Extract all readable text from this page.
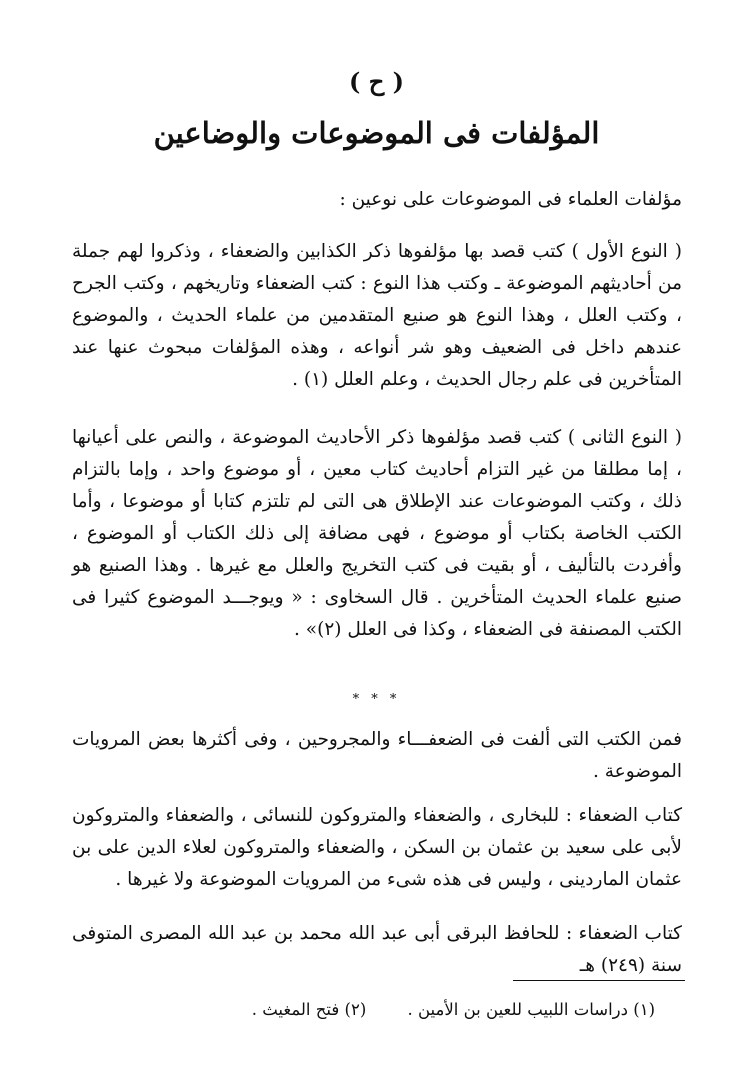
( ح )
المؤلفات فى الموضوعات والوضاعين
مؤلفات العلماء فى الموضوعات على نوعين :
( النوع الأول ) كتب قصد بها مؤلفوها ذكر الكذابين والضعفاء ، وذكروا لهم جملة من أحاديثهم الموضوعة ـ وكتب هذا النوع : كتب الضعفاء وتاريخهم ، وكتب الجرح ، وكتب العلل ، وهذا النوع هو صنيع المتقدمين من علماء الحديث ، والموضوع عندهم داخل فى الضعيف وهو شر أنواعه ، وهذه المؤلفات مبحوث عنها عند المتأخرين فى علم رجال الحديث ، وعلم العلل (١) .
( النوع الثانى ) كتب قصد مؤلفوها ذكر الأحاديث الموضوعة ، والنص على أعيانها ، إما مطلقا من غير التزام أحاديث كتاب معين ، أو موضوع واحد ، وإما بالتزام ذلك ، وكتب الموضوعات عند الإطلاق هى التى لم تلتزم كتابا أو موضوعا ، وأما الكتب الخاصة بكتاب أو موضوع ، فهى مضافة إلى ذلك الكتاب أو الموضوع ، وأفردت بالتأليف ، أو بقيت فى كتب التخريج والعلل مع غيرها . وهذا الصنيع هو صنيع علماء الحديث المتأخرين . قال السخاوى : « ويوجـــد الموضوع كثيرا فى الكتب المصنفة فى الضعفاء ، وكذا فى العلل (٢)» .
* * *
فمن الكتب التى ألفت فى الضعفـــاء والمجروحين ، وفى أكثرها بعض المرويات الموضوعة .
كتاب الضعفاء : للبخارى ، والضعفاء والمتروكون للنسائى ، والضعفاء والمتروكون لأبى على سعيد بن عثمان بن السكن ، والضعفاء والمتروكون لعلاء الدين على بن عثمان الماردينى ، وليس فى هذه شىء من المرويات الموضوعة ولا غيرها .
كتاب الضعفاء : للحافظ البرقى أبى عبد الله محمد بن عبد الله المصرى المتوفى سنة (٢٤٩) هـ
(١) دراسات اللبيب للعين بن الأمين . (٢) فتح المغيث .
